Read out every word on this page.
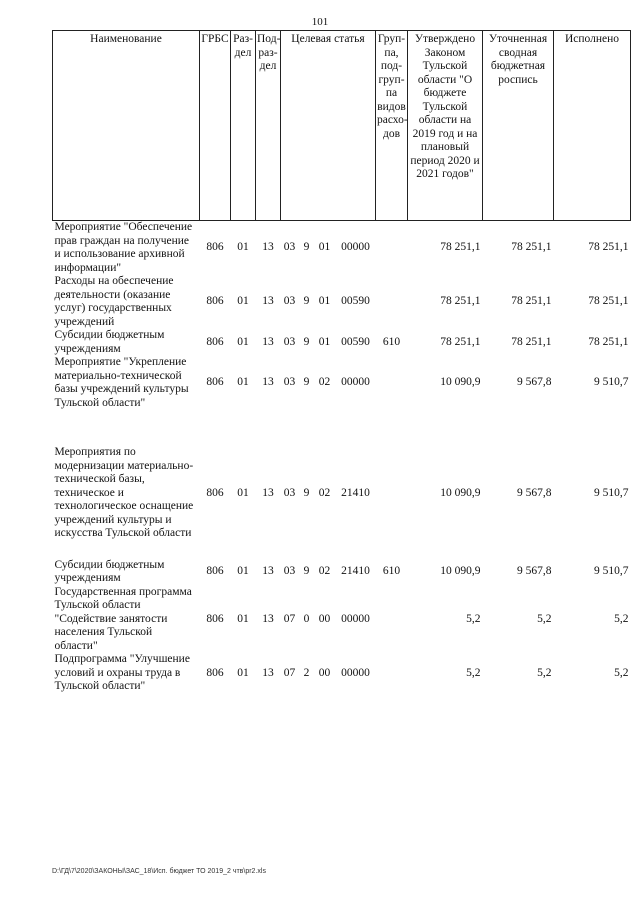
101
Наименование	ГРБС	Раз-дел	Под-раз-дел	Целевая статья	Груп-па, под-груп-па видов расхо-дов	Утверждено Законом Тульской области "О бюджете Тульской области на 2019 год и на плановый период 2020 и 2021 годов"	Уточненная сводная бюджетная роспись	Исполнено
Мероприятие "Обеспечение прав граждан на получение и использование архивной информации"	806	01	13	03 9 01 00000		78 251,1	78 251,1	78 251,1
Расходы на обеспечение деятельности (оказание услуг) государственных учреждений	806	01	13	03 9 01 00590		78 251,1	78 251,1	78 251,1
Субсидии бюджетным учреждениям	806	01	13	03 9 01 00590	610	78 251,1	78 251,1	78 251,1
Мероприятие "Укрепление материально-технической базы учреждений культуры Тульской области"	806	01	13	03 9 02 00000		10 090,9	9 567,8	9 510,7

Мероприятия по модернизации материально-технической базы, техническое и технологическое оснащение учреждений культуры и искусства Тульской области	806	01	13	03 9 02 21410		10 090,9	9 567,8	9 510,7

Субсидии бюджетным учреждениям	806	01	13	03 9 02 21410	610	10 090,9	9 567,8	9 510,7
Государственная программа Тульской области "Содействие занятости населения Тульской области"	806	01	13	07 0 00 00000		5,2	5,2	5,2
Подпрограмма "Улучшение условий и охраны труда в Тульской области"	806	01	13	07 2 00 00000		5,2	5,2	5,2
D:\ГД\7\2020\ЗАКОНЫ\ЗАС_18\Исп. бюджет ТО 2019_2 чтв\pr2.xls
